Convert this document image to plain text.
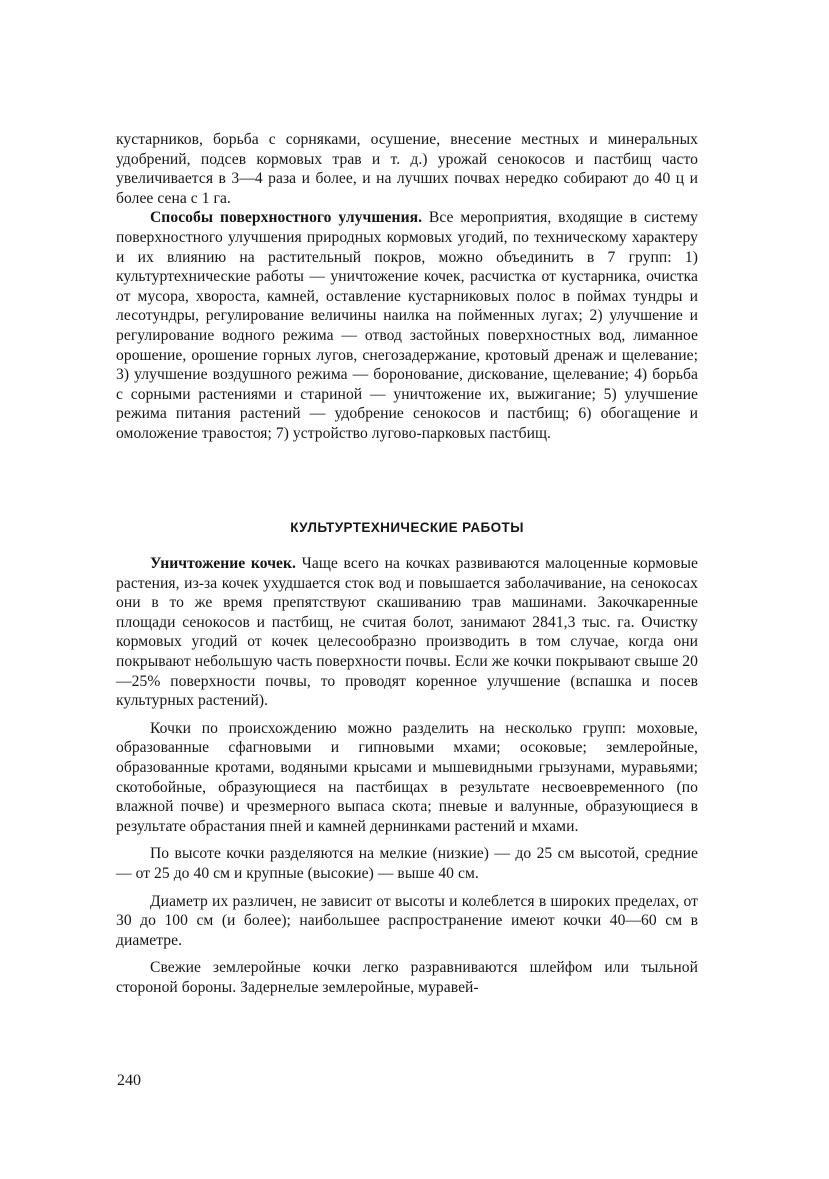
кустарников, борьба с сорняками, осушение, внесение местных и минеральных удобрений, подсев кормовых трав и т. д.) урожай сенокосов и пастбищ часто увеличивается в 3—4 раза и более, и на лучших почвах нередко собирают до 40 ц и более сена с 1 га.

Способы поверхностного улучшения. Все мероприятия, входящие в систему поверхностного улучшения природных кормовых угодий, по техническому характеру и их влиянию на растительный покров, можно объединить в 7 групп: 1) культуртехнические работы — уничтожение кочек, расчистка от кустарника, очистка от мусора, хвороста, камней, оставление кустарниковых полос в поймах тундры и лесотундры, регулирование величины наилка на пойменных лугах; 2) улучшение и регулирование водного режима — отвод застойных поверхностных вод, лиманное орошение, орошение горных лугов, снегозадержание, кротовый дренаж и щелевание; 3) улучшение воздушного режима — боронование, дискование, щелевание; 4) борьба с сорными растениями и стариной — уничтожение их, выжигание; 5) улучшение режима питания растений — удобрение сенокосов и пастбищ; 6) обогащение и омоложение травостоя; 7) устройство лугово-парковых пастбищ.

КУЛЬТУРТЕХНИЧЕСКИЕ РАБОТЫ

Уничтожение кочек. Чаще всего на кочках развиваются малоценные кормовые растения, из-за кочек ухудшается сток вод и повышается заболачивание, на сенокосах они в то же время препятствуют скашиванию трав машинами. Закочкаренные площади сенокосов и пастбищ, не считая болот, занимают 2841,3 тыс. га. Очистку кормовых угодий от кочек целесообразно производить в том случае, когда они покрывают небольшую часть поверхности почвы. Если же кочки покрывают свыше 20—25% поверхности почвы, то проводят коренное улучшение (вспашка и посев культурных растений).

Кочки по происхождению можно разделить на несколько групп: моховые, образованные сфагновыми и гипновыми мхами; осоковые; землеройные, образованные кротами, водяными крысами и мышевидными грызунами, муравьями; скотобойные, образующиеся на пастбищах в результате несвоевременного (по влажной почве) и чрезмерного выпаса скота; пневые и валунные, образующиеся в результате обрастания пней и камней дернинками растений и мхами.

По высоте кочки разделяются на мелкие (низкие) — до 25 см высотой, средние — от 25 до 40 см и крупные (высокие) — выше 40 см.

Диаметр их различен, не зависит от высоты и колеблется в широких пределах, от 30 до 100 см (и более); наибольшее распространение имеют кочки 40—60 см в диаметре.

Свежие землеройные кочки легко разравниваются шлейфом или тыльной стороной бороны. Задернелые землеройные, муравей-

240
